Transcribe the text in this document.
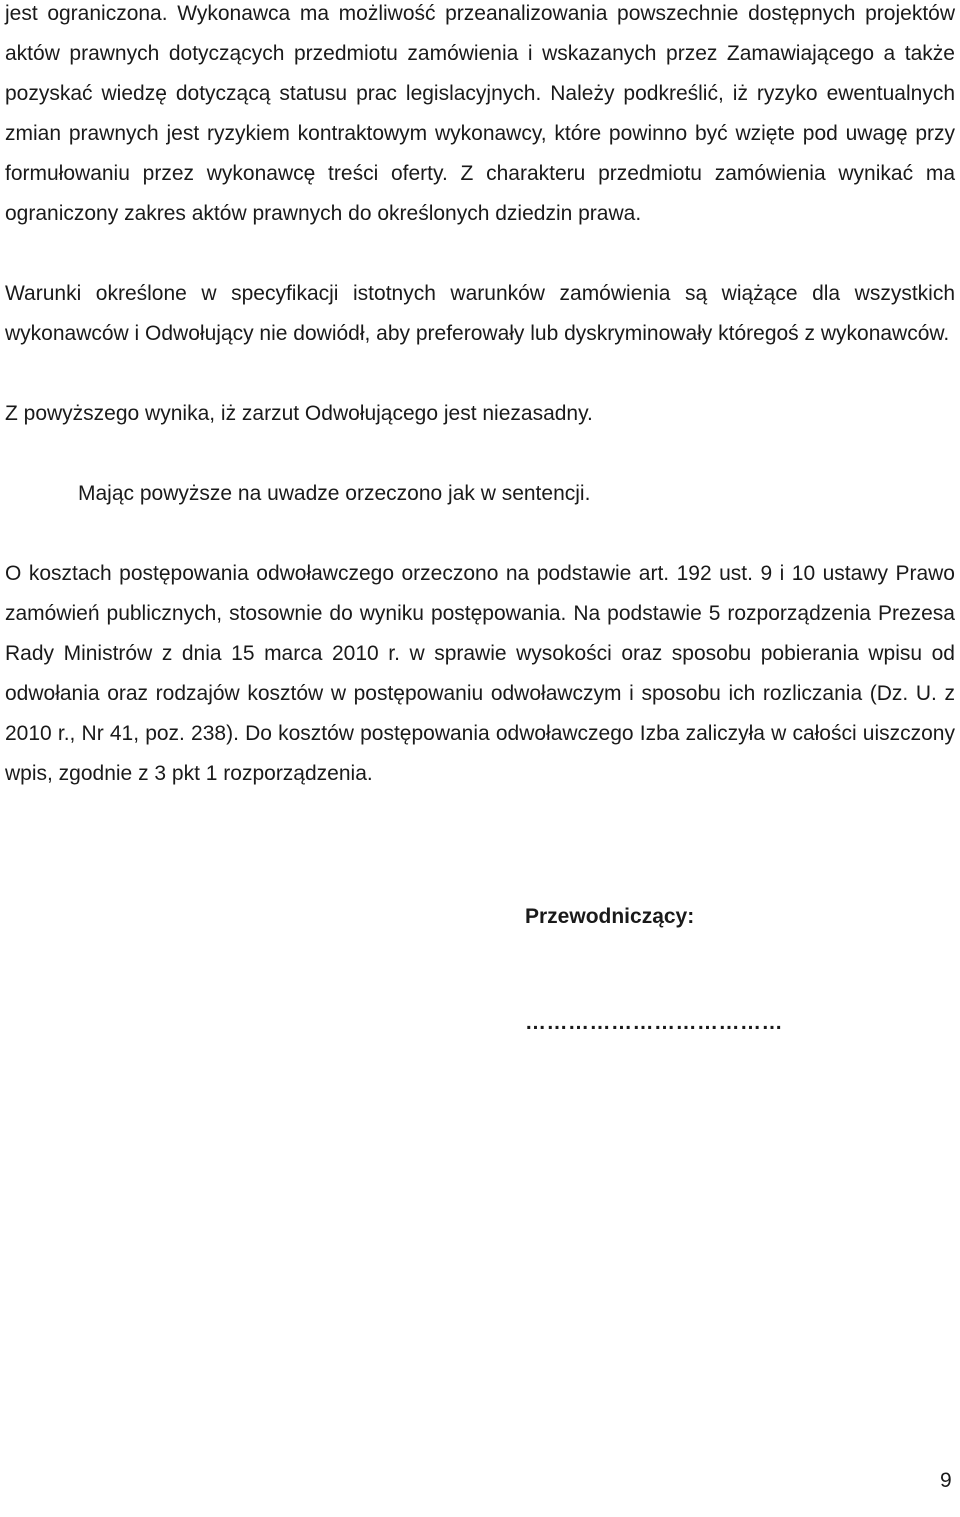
jest ograniczona. Wykonawca ma możliwość przeanalizowania powszechnie dostępnych projektów aktów prawnych dotyczących przedmiotu zamówienia i wskazanych przez Zamawiającego a także pozyskać wiedzę dotyczącą statusu prac legislacyjnych. Należy podkreślić, iż ryzyko ewentualnych zmian prawnych jest ryzykiem kontraktowym wykonawcy, które powinno być wzięte pod uwagę przy formułowaniu przez wykonawcę treści oferty. Z charakteru przedmiotu zamówienia wynikać ma ograniczony zakres aktów prawnych do określonych dziedzin prawa.

Warunki określone w specyfikacji istotnych warunków zamówienia są wiążące dla wszystkich wykonawców i Odwołujący nie dowiódł, aby preferowały lub dyskryminowały któregoś z wykonawców.

Z powyższego wynika, iż zarzut Odwołującego jest niezasadny.

Mając powyższe na uwadze orzeczono jak w sentencji.

O kosztach postępowania odwoławczego orzeczono na podstawie art. 192 ust. 9 i 10 ustawy Prawo zamówień publicznych, stosownie do wyniku postępowania. Na podstawie 5 rozporządzenia Prezesa Rady Ministrów z dnia 15 marca 2010 r. w sprawie wysokości oraz sposobu pobierania wpisu od odwołania oraz rodzajów kosztów w postępowaniu odwoławczym i sposobu ich rozliczania (Dz. U. z 2010 r., Nr 41, poz. 238). Do kosztów postępowania odwoławczego Izba zaliczyła w całości uiszczony wpis, zgodnie z 3 pkt 1 rozporządzenia.

Przewodniczący:

………………………………

9
